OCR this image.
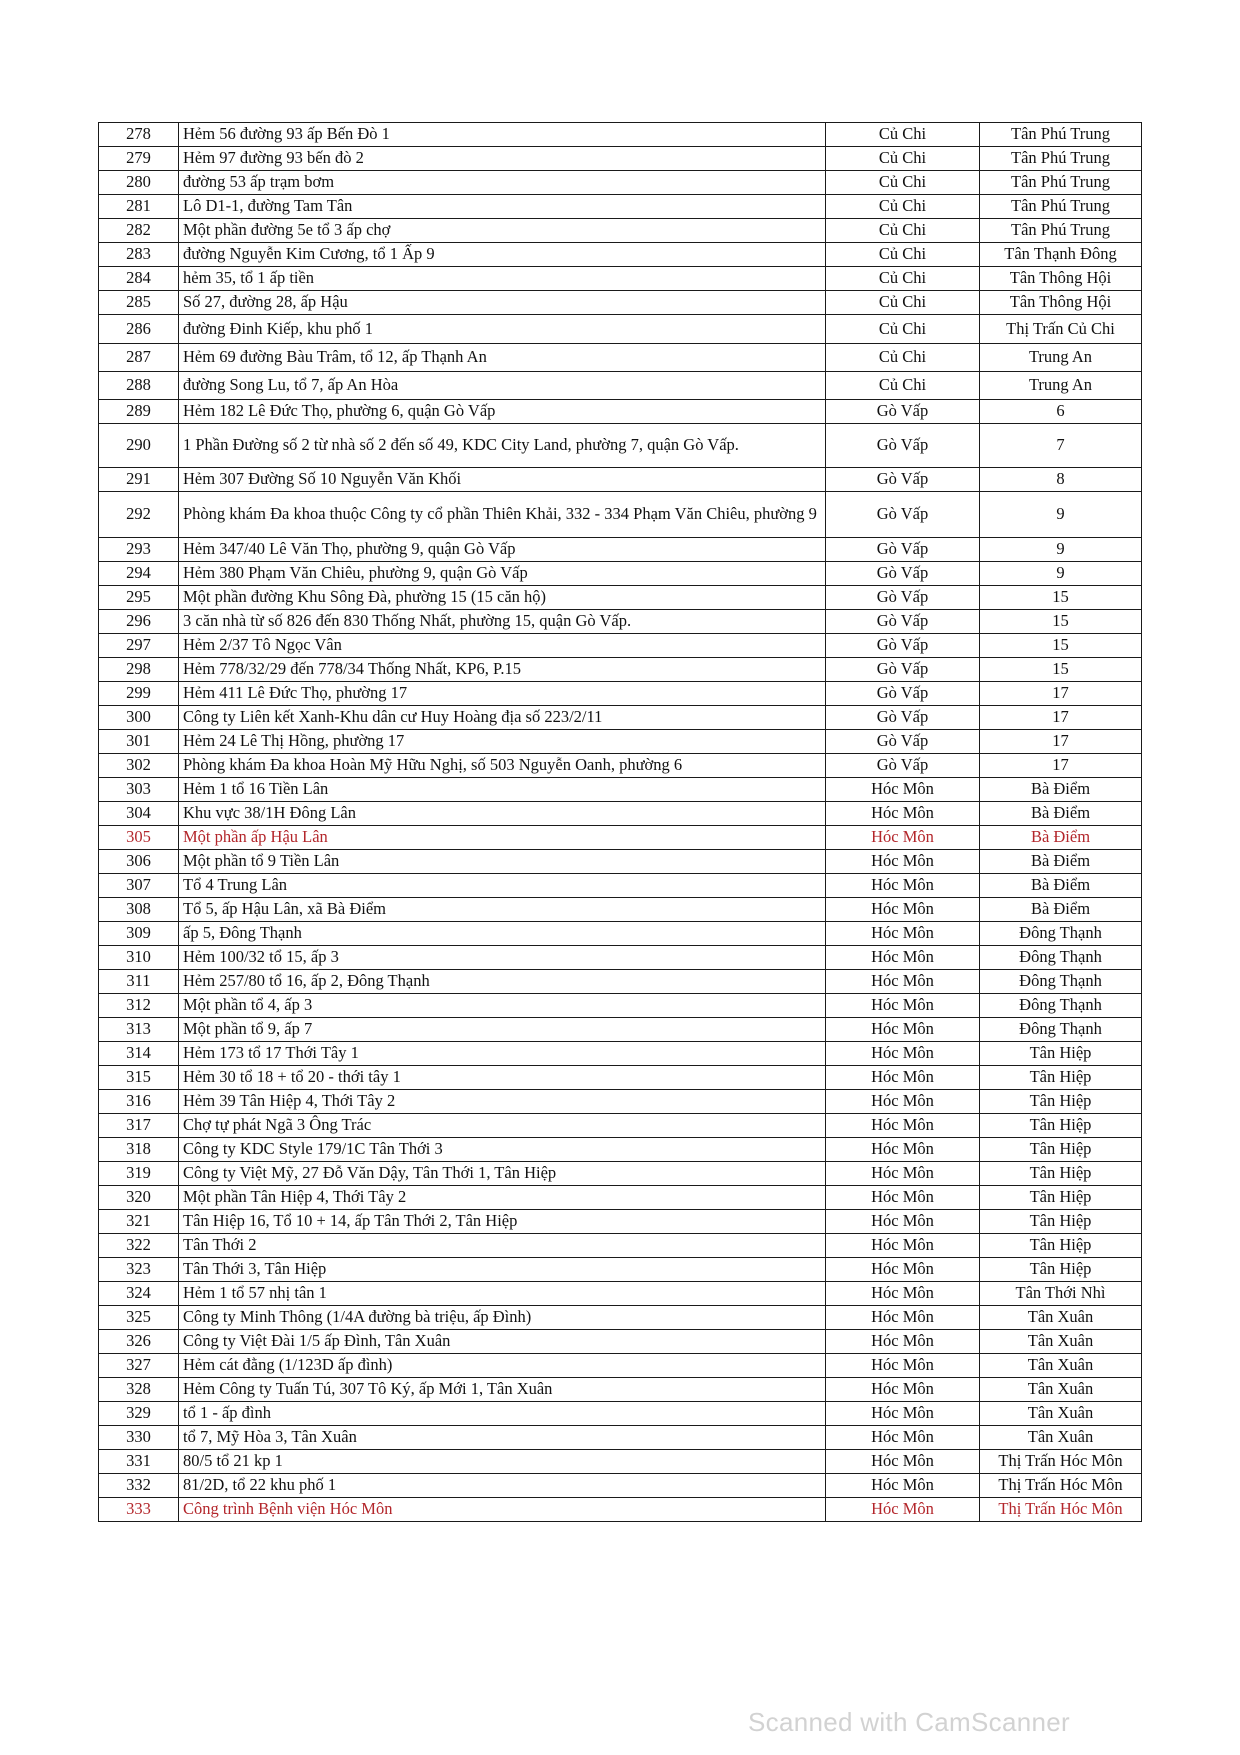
278	Hẻm 56 đường 93 ấp Bến Đò 1	Củ Chi	Tân Phú Trung
279	Hẻm 97 đường 93 bến đò 2	Củ Chi	Tân Phú Trung
280	đường 53 ấp trạm bơm	Củ Chi	Tân Phú Trung
281	Lô D1-1, đường Tam Tân	Củ Chi	Tân Phú Trung
282	Một phần đường 5e tổ 3 ấp chợ	Củ Chi	Tân Phú Trung
283	đường Nguyễn Kim Cương, tổ 1 Ấp 9	Củ Chi	Tân Thạnh Đông
284	hẻm 35, tổ 1 ấp tiền	Củ Chi	Tân Thông Hội
285	Số 27, đường 28, ấp Hậu	Củ Chi	Tân Thông Hội
286	đường Đinh Kiếp, khu phố 1	Củ Chi	Thị Trấn Củ Chi
287	Hẻm 69 đường Bàu Trâm, tổ 12, ấp Thạnh An	Củ Chi	Trung An
288	đường Song Lu, tổ 7, ấp An Hòa	Củ Chi	Trung An
289	Hẻm 182 Lê Đức Thọ, phường 6, quận Gò Vấp	Gò Vấp	6
290	1 Phần Đường số 2 từ nhà số 2 đến số 49, KDC City Land, phường 7, quận Gò Vấp.	Gò Vấp	7
291	Hẻm 307 Đường Số 10 Nguyễn Văn Khối	Gò Vấp	8
292	Phòng khám Đa khoa thuộc Công ty cổ phần Thiên Khải, 332 - 334 Phạm Văn Chiêu, phường 9	Gò Vấp	9
293	Hẻm 347/40 Lê Văn Thọ, phường 9, quận Gò Vấp	Gò Vấp	9
294	Hẻm 380 Phạm Văn Chiêu, phường 9, quận Gò Vấp	Gò Vấp	9
295	Một phần đường Khu Sông Đà, phường 15 (15 căn hộ)	Gò Vấp	15
296	3 căn nhà từ số 826 đến 830 Thống Nhất, phường 15, quận Gò Vấp.	Gò Vấp	15
297	Hẻm 2/37 Tô Ngọc Vân	Gò Vấp	15
298	Hẻm 778/32/29 đến 778/34 Thống Nhất, KP6, P.15	Gò Vấp	15
299	Hẻm 411 Lê Đức Thọ, phường 17	Gò Vấp	17
300	Công ty Liên kết Xanh-Khu dân cư Huy Hoàng địa số 223/2/11	Gò Vấp	17
301	Hẻm 24 Lê Thị Hồng, phường 17	Gò Vấp	17
302	Phòng khám Đa khoa Hoàn Mỹ Hữu Nghị, số 503 Nguyễn Oanh, phường 6	Gò Vấp	17
303	Hẻm 1 tổ 16 Tiền Lân	Hóc Môn	Bà Điểm
304	Khu vực 38/1H Đông Lân	Hóc Môn	Bà Điểm
305	Một phần ấp Hậu Lân	Hóc Môn	Bà Điểm
306	Một phần tổ 9 Tiền Lân	Hóc Môn	Bà Điểm
307	Tổ 4 Trung Lân	Hóc Môn	Bà Điểm
308	Tổ 5, ấp Hậu Lân, xã Bà Điểm	Hóc Môn	Bà Điểm
309	ấp 5, Đông Thạnh	Hóc Môn	Đông Thạnh
310	Hẻm 100/32 tổ 15, ấp 3	Hóc Môn	Đông Thạnh
311	Hẻm 257/80 tổ 16, ấp 2, Đông Thạnh	Hóc Môn	Đông Thạnh
312	Một phần tổ 4, ấp 3	Hóc Môn	Đông Thạnh
313	Một phần tổ 9, ấp 7	Hóc Môn	Đông Thạnh
314	Hẻm 173 tổ 17 Thới Tây 1	Hóc Môn	Tân Hiệp
315	Hẻm 30 tổ 18 + tổ 20 - thới tây 1	Hóc Môn	Tân Hiệp
316	Hẻm 39 Tân Hiệp 4, Thới Tây 2	Hóc Môn	Tân Hiệp
317	Chợ tự phát Ngã 3 Ông Trác	Hóc Môn	Tân Hiệp
318	Công ty KDC Style 179/1C Tân Thới 3	Hóc Môn	Tân Hiệp
319	Công ty Việt Mỹ, 27 Đỗ Văn Dậy, Tân Thới 1, Tân Hiệp	Hóc Môn	Tân Hiệp
320	Một phần Tân Hiệp 4, Thới Tây 2	Hóc Môn	Tân Hiệp
321	Tân Hiệp 16, Tổ 10 + 14, ấp Tân Thới 2, Tân Hiệp	Hóc Môn	Tân Hiệp
322	Tân Thới 2	Hóc Môn	Tân Hiệp
323	Tân Thới 3, Tân Hiệp	Hóc Môn	Tân Hiệp
324	Hẻm 1 tổ 57 nhị tân 1	Hóc Môn	Tân Thới Nhì
325	Công ty Minh Thông (1/4A đường bà triệu, ấp Đình)	Hóc Môn	Tân Xuân
326	Công ty Việt Đài 1/5 ấp Đình, Tân Xuân	Hóc Môn	Tân Xuân
327	Hẻm cát đằng (1/123D ấp đình)	Hóc Môn	Tân Xuân
328	Hẻm Công ty Tuấn Tú, 307 Tô Ký, ấp Mới 1, Tân Xuân	Hóc Môn	Tân Xuân
329	tổ 1 - ấp đình	Hóc Môn	Tân Xuân
330	tổ 7, Mỹ Hòa 3, Tân Xuân	Hóc Môn	Tân Xuân
331	80/5 tổ 21 kp 1	Hóc Môn	Thị Trấn Hóc Môn
332	81/2D, tổ 22 khu phố 1	Hóc Môn	Thị Trấn Hóc Môn
333	Công trình Bệnh viện Hóc Môn	Hóc Môn	Thị Trấn Hóc Môn
Scanned with CamScanner
